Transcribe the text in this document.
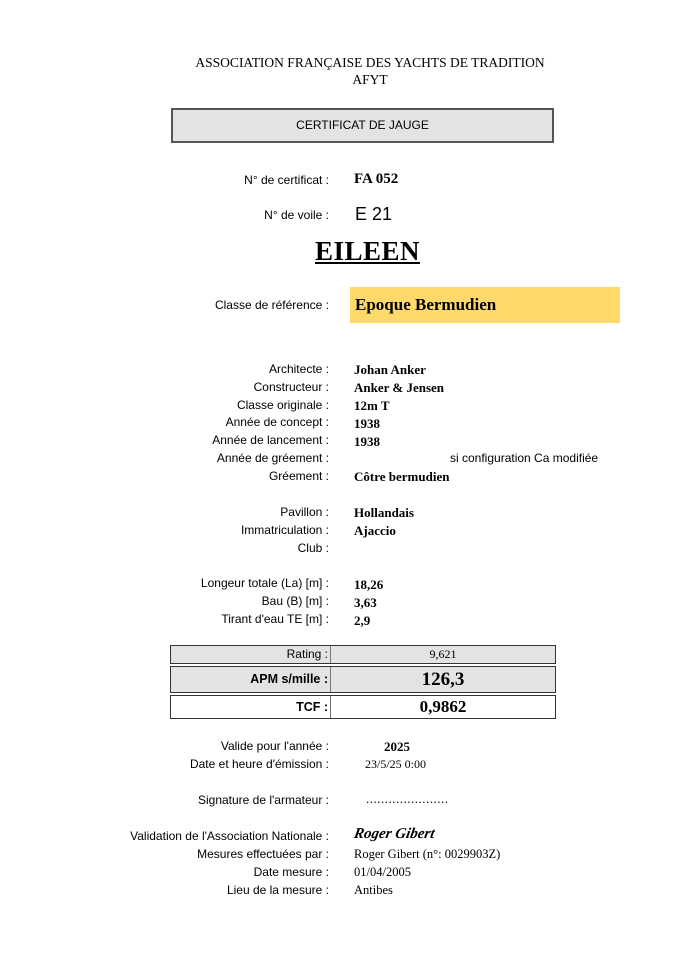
ASSOCIATION FRANÇAISE DES YACHTS DE TRADITION
AFYT
CERTIFICAT DE JAUGE
N° de certificat : FA 052
N° de voile : E 21
EILEEN
Classe de référence : Epoque Bermudien
Architecte : Johan Anker
Constructeur : Anker & Jensen
Classe originale : 12m T
Année de concept : 1938
Année de lancement : 1938
Année de gréement :	si configuration Ca modifiée
Gréement : Côtre bermudien
Pavillon : Hollandais
Immatriculation : Ajaccio
Club :
Longeur totale (La) [m] : 18,26
Bau (B) [m] : 3,63
Tirant d'eau TE [m] : 2,9
Rating :	9,621
APM s/mille :	126,3
TCF :	0,9862
Valide pour l'année :	2025
Date et heure d'émission :	23/5/25 0:00
Signature de l'armateur :	......................
Validation de l'Association Nationale : Roger Gibert
Mesures effectuées par : Roger Gibert (n°: 0029903Z)
Date mesure : 01/04/2005
Lieu de la mesure : Antibes
